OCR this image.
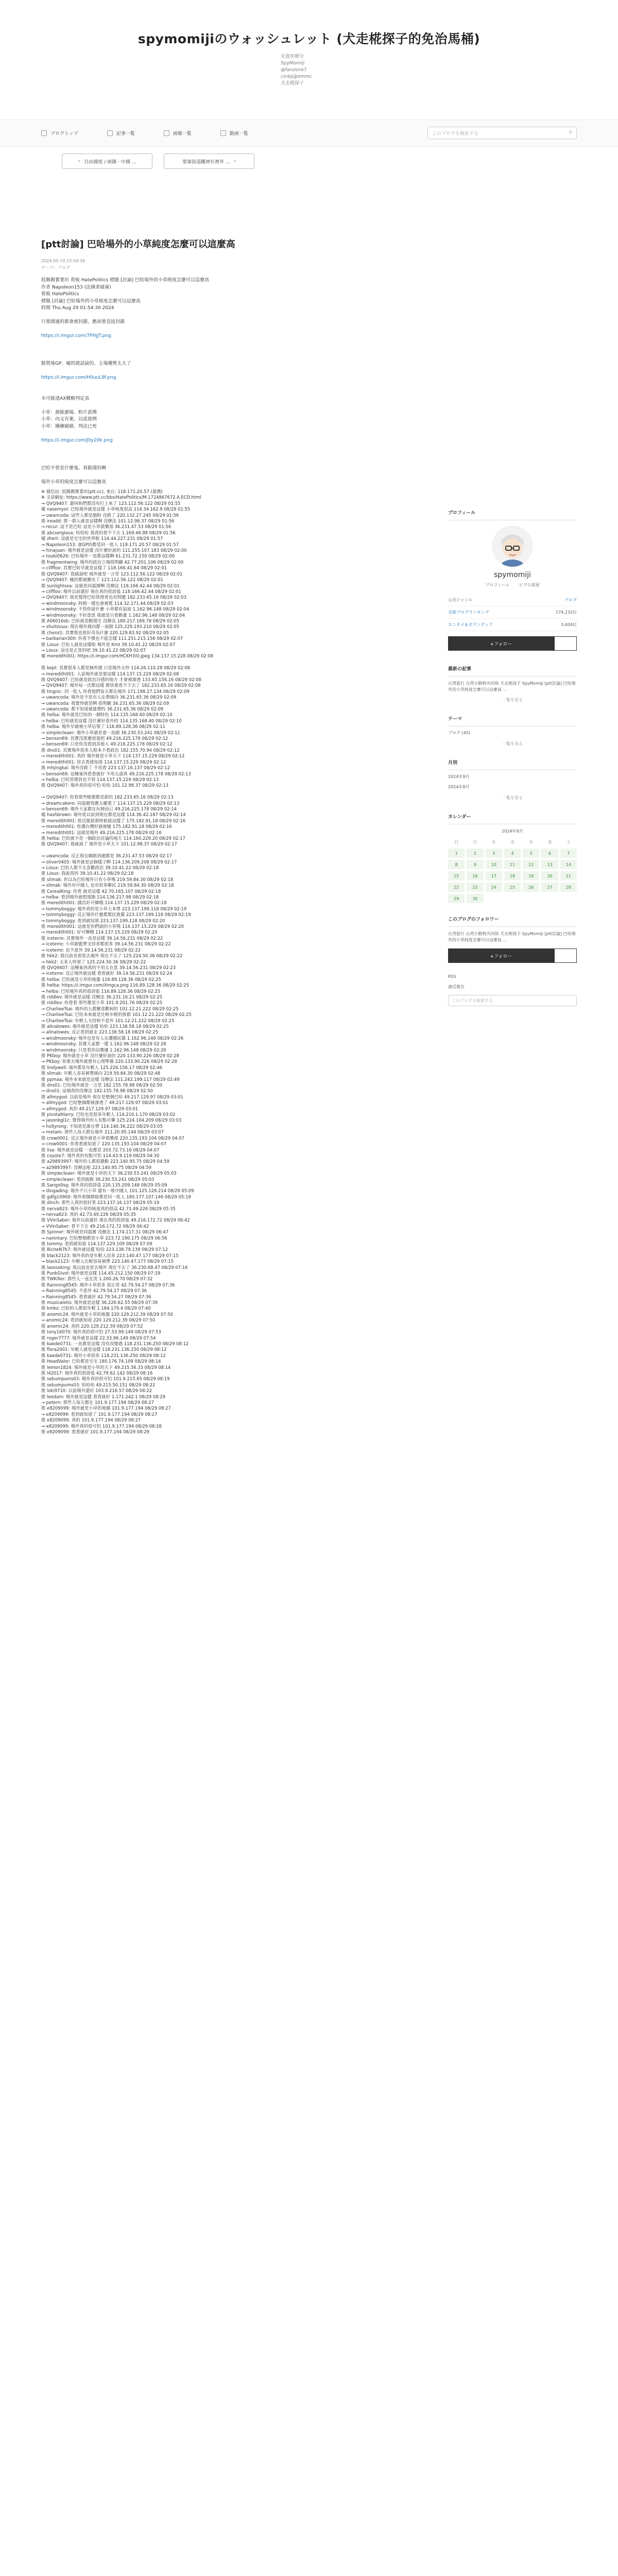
spymomijiのウォッシュレット (犬走椛探子的免治馬桶)
兄貴医療分
SpyMomiji
@fanzone7
cinéji@emmc
犬走椛探子
ブログトップ	記事一覧	画像一覧	動画一覧	このブログを検索する	⚲
‹ 自由國度 / 兩國一中國 ...	要塞街道鐵神社裡外 ... ›
[ptt討論] 巴哈場外的小草純度怎麼可以這麼高
2024-05-10 23:59:39
テーマ：ブログ
批踢踢實業坊 看板 HatePolitics 標題 [討論] 巴哈場外的小草純度怎麼可以這麼高
作者 Napoleon153 (法國拿破崙)
看板 HatePolitics
標題 [討論] 巴哈場外的小草純度怎麼可以這麼高
時間 Thu Aug 29 01:54:30 2024

只要開過的都會被封鎖，應該要直接封鎖

https://i.imgur.com/7PHjJT.png

點赞後GP、噓的就話說的。主場優勢太大了

https://i.imgur.com/H0uuL9f.png

木可匯達AX概略判定表

小草：源匯廣場、粉片派佛
小草：內文有案、以延彼例
小草：團練磁磁、判法已死

https://i.imgur.com/J0y20k.png

巴哈不曾是什麼鬼。看動漫的啊

場外小草的純度怎麼可以這麼高
※ 發信站: 批踢踢實業坊(ptt.cc), 來自: 118.171.20.57 (臺灣)
※ 文章網址: https://www.ptt.cc/bbs/HatePolitics/M.1724867672.A.ECD.html
→ QVQ9407: 誰叫妳們都沒有打上來了 123.112.56.122 08/29 01:55
噓 nasemyoi: 巴哈場外就是這樣 小草純度很高 114.34.162.9 08/29 01:55
→ uwancoda: 這些人都是腦粉 沒救了 220.132.27.245 08/29 01:56
推 ireadd: 那一群人就是這樣啊 沒辦法 101.12.98.37 08/29 01:56
→ recur: 這不是巴哈 這是小草俱樂部 36.231.47.53 08/29 01:56
推 abcsergioux: 哈哈哈 我真的看不下去 1.169.46.88 08/29 01:56
噓 zhert: 這就是宅宅的世界啦 114.44.227.231 08/29 01:57
→ Napoleon153: 會GP的都是同一批人 118.171.20.57 08/29 01:57
→ hinajuan: 場外就是這樣 沒什麼好說的 111.255.107.183 08/29 02:00
→ toubi0626: 巴哈場外一直都這樣啊 61.231.72.150 08/29 02:00
推 fragmentwing: 場外的政治立場很明顯 42.77.201.106 08/29 02:00
→ cliffloo: 其實巴哈早就是這樣了 118.166.41.64 08/29 02:01
推 QVQ9407: 我就說吧 場外就是一言堂 123.112.56.122 08/29 02:01
→ QVQ9407: 噓的都被刪光了 123.112.56.122 08/29 02:01
推 sunlightsea: 這就是同溫層啊 沒辦法 118.166.42.44 08/29 02:01
→ cliffloo: 場外以前還好 現在真的很誇張 118.166.42.44 08/29 02:01
→ QVQ9407: 我是覺得巴哈管理者也有問題 182.233.65.16 08/29 02:03
→ windmoonsky: 阿榕一樣也會被罵 114.32.171.44 08/29 02:03
→ windmoonsky: 不管你說什麼 小草都有話說 1.162.96.148 08/29 02:04
→ windmoonsky: 不好意思 我就是只看動畫 1.162.96.148 08/29 02:04
推 A06016sb: 巴哈就是動漫宅 沒辦法 180.217.169.78 08/29 02:05
→ shuitzuuu: 現在場外風向都一面倒 125.229.193.210 08/29 02:05
推 chenz1: 其實我也很好奇為什麼 220.129.83.92 08/29 02:05
→ barbarian300: 你看不慣也不能怎樣 111.251.215.156 08/29 02:07
推 Lioux: 巴哈人就是這樣啦 場外是 Kmt 39.10.41.22 08/29 02:07
→ Lioux: 這也是正常的吧 39.10.41.22 08/29 02:07
噓 meredith001: https://i.imgur.com/HCKH3iO.jpeg 134.137.15.228 08/29 02:08

推 kept: 其實很多人都是無所謂 只是場外太吵 114.26.110.28 08/29 02:08
→ meredith001: 人家場外就是要這樣 114.137.15.229 08/29 02:08
推 QVQ9407: 巴哈就是政治冷感的地方 才會被滲透 133.65.156.16 08/29 02:08
→ QVQ9407: 場外每一次都這樣 都快要看不下去了 182.233.65.16 08/29 02:08
推 tingnic: 同一批人 你看他們每天都在場外 171.198.27.134 08/29 02:09
→ uwancoda: 場外是不是有人在帶風向 36.231.65.36 08/29 02:09
→ uwancoda: 我覺得就是啊 很明顯 36.231.65.36 08/29 02:09
→ uwancoda: 都不知道被誰帶的 36.231.65.36 08/29 02:09
推 helba: 場外就是巴哈的一個特色 114.135.168.40 08/29 02:10
→ helba: 巴哈就是這樣 沒什麼好意外的 114.135.168.40 08/29 02:10
推 helba: 場外早就被小草佔領了 116.89.128.36 08/29 02:11
→ simplecleaer: 場外小草就是會一直刷 36.230.53.241 08/29 02:11
→ benson69: 其實沒那麼誇張吧 49.216.225.178 08/29 02:12
→ benson69: 只是你沒看到其他人 49.216.225.178 08/29 02:12
推 dns01: 其實場外很多人根本不看政治 182.155.70.94 08/29 02:12
→ meredith001: 真的 場外就是小草天下 114.137.15.229 08/29 02:12
→ meredith001: 你去看就知道 114.137.15.229 08/29 02:12
推 mhjingkai: 場外沒救了 不用看 223.137.16.137 08/29 02:12
→ benson69: 這種東西看看就好 不用太認真 49.216.225.178 08/29 02:13
→ helba: 巴哈管理員也不管 114.137.15.229 08/29 02:13
推 QVQ9407: 場外真的很可怕 哈哈 101.12.98.37 08/29 02:13

→ QVQ9407: 你看那些帳號都是新的 182.233.65.16 08/29 02:13
→ dreamcakero: 同溫層效應太嚴重了 114.137.15.229 08/29 02:13
→ benson69: 場外大家都在玩梗而已 49.216.225.178 08/29 02:14
噓 hashbrown: 場外從以前到現在都是這樣 114.36.42.187 08/29 02:14
推 meredith001: 從反服貿那時候就這樣了 175.182.91.18 08/29 02:16
→ meredith001: 你講台灣好就被噓 175.182.91.18 08/29 02:16
→ meredith001: 這就是場外 49.216.225.178 08/29 02:16
推 helba: 巴哈就不是一個政治討論的地方 114.160.229.20 08/29 02:17
推 QVQ9407: 我就說了 場外是小草天下 101.12.98.37 08/29 02:17

→ uwancoda: 反正現在網路到處都是 36.231.47.53 08/29 02:17
→ oliver0405: 場外就是這個樣子啊 114.136.209.208 08/29 02:17
→ Lioux: 巴哈人都不太喜歡政治 39.10.41.22 08/29 02:18
推 Lioux: 我說真的 39.10.41.22 08/29 02:18
推 slimak: 你以為巴哈場外只有小草嗎 219.59.84.30 08/29 02:18
→ slimak: 場外有中國人 也有很多鄉民 219.59.84.30 08/29 02:18
推 CerealKing: 你看 就是這樣 42.70.165.107 08/29 02:18
→ helba: 看到場外就想逃跑 114.136.217.98 08/29 02:18
推 meredith001: 國昌好可憐哦 114.137.15.229 08/29 02:18
→ tommyboggy: 場外真的是小草大本營 223.137.199.118 08/29 02:19
→ tommyboggy: 反正場外什麼都罵民進黨 223.137.199.118 08/29 02:19
→ tommyboggy: 看到就知道 223.137.199.118 08/29 02:20
推 meredith001: 這就是你們說的小草嗎 114.137.15.229 08/29 02:20
→ meredith001: 好可憐哦 114.137.15.229 08/29 02:20
推 iceterre: 其實場外一直是這樣 39.14.56.231 08/29 02:22
→ iceterre: 小草跟藍營支持者都很多 39.14.56.231 08/29 02:22
→ iceterre: 也不意外 39.14.56.231 08/29 02:22
推 hkk2: 我以前也很常去場外 現在不去了 125.224.50.36 08/29 02:22
→ hkk2: 太多人吵架了 125.224.50.36 08/29 02:22
推 QVQ9407: 這種東西真的不用太在意 39.14.56.231 08/29 02:23
→ iceterre: 反正場外就這樣 看看就好 39.14.56.231 08/29 02:24
推 helba: 巴哈就是小草的地盤 116.89.128.36 08/29 02:25
推 helba: https://i.imgur.com/Xmgca.png 116.89.128.36 08/29 02:25
→ helba: 巴哈場外真的很誇張 116.89.128.36 08/29 02:25
推 riddlev: 場外就是這樣 沒辦法 36.231.16.21 08/29 02:25
推 riddlev: 你看看 那些都是小草 101.9.201.76 08/29 02:25
→ CharlieeTsai: 場外的人都蠻喜歡柯的 101.12.21.222 08/29 02:25
→ CharlieeTsai: 巴哈本來就是比較年輕的族群 101.12.21.222 08/29 02:25
→ CharlieeTsai: 年輕人支持柯不意外 101.12.21.222 08/29 02:25
推 alinalowes: 場外就是這樣 哈哈 223.138.58.18 08/29 02:25
→ alinalowes: 反正看到就走 223.138.58.18 08/29 02:25
→ windmoonsky: 場外也是有人在護國民黨 1.162.96.148 08/29 02:26
→ windmoonsky: 其實大家都一樣 1.162.96.148 08/29 02:26
→ windmoonsky: 只是看你站哪邊 1.162.96.148 08/29 02:26
推 PKboy: 場外就是小草 沒什麼好說的 220.133.90.226 08/29 02:28
→ PKboy: 你要去場外就要有心理準備 220.133.90.226 08/29 02:28
推 lindywell: 場外都是年輕人 125.226.156.17 08/29 02:46
推 slimak: 年輕人容易被帶風向 219.59.84.30 08/29 02:48
推 ppmaa: 場外本來就是這樣 沒辦法 111.242.199.117 08/29 02:49
推 dns01: 巴哈場外就是一言堂 182.155.78.98 08/29 02:50
→ dns01: 這個真的沒辦法 182.155.78.98 08/29 02:50
推 allmygod: 以前是場外 現在是整個巴哈 49.217.129.97 08/29 03:01
→ allmygod: 巴哈整個都被滲透了 49.217.129.97 08/29 03:01
→ allmygod: 真的 49.217.129.97 08/29 03:01
推 pivotalHarry: 巴哈也是很多年輕人 114.210.1.170 08/29 03:02
→ jasonbgl1c: 覺得場外的人有點可憐 125.224.104.209 08/29 03:03
→ hollyrong: 不知道是誰在帶 114.140.36.222 08/29 03:05
→ metam: 那些人每天都在場外 211.20.95.144 08/29 03:07
推 crow0001: 反正場外就是小草俱樂部 220.135.193.104 08/29 04:07
→ crow0001: 你看看就知道了 220.135.193.104 08/29 04:07
推 lisa: 場外就是這樣 一直都是 203.72.73.16 08/29 04:07
推 coyote7: 場外真的有點可怕 114.43.9.119 08/29 04:30
推 a29893997: 場外的人都很激動 223.140.95.75 08/29 04:59
→ a29893997: 沒辦法啦 223.140.95.75 08/29 04:59
推 simplecleaer: 場外就是小草的天下 36.230.53.241 08/29 05:03
→ simplecleaer: 看到就跑 36.230.53.241 08/29 05:03
推 Sango0sg: 場外真的很誇張 220.135.209.148 08/29 05:09
→ dingading: 場外不只小草 還有一堆中國人 101.125.128.214 08/29 05:09
推 gdfg10900: 場外那個群組都是同一批人 180.177.107.146 08/29 05:19
推 dinch: 那些人真的很好笑 223.137.16.137 08/29 05:19
推 nerva823: 場外小草的純度真的很高 42.73.49.226 08/29 05:35
→ nerva823: 真的 42.73.49.226 08/29 05:35
推 VVinSaber: 場外以前還好 現在真的很誇張 49.216.172.72 08/29 06:42
→ VVinSaber: 看不下去 49.216.172.72 08/29 06:42
推 Spinner: 場外就是同溫層 沒辦法 1.174.117.31 08/29 06:47
→ nanintary: 巴哈整個都是小草 223.72.190.175 08/29 06:56
推 tommy: 看到就知道 114.137.229.109 08/29 07:09
推 BicheN7b7: 場外就這樣 哈哈 223.138.79.139 08/29 07:12
推 black2123: 場外真的是年輕人居多 223.140.47.177 08/29 07:15
→ black2123: 年輕人比較容易被帶 223.140.47.177 08/29 07:15
推 lasosoking: 我以前也常去場外 現在不去了 36.230.68.47 08/29 07:16
推 PunkGivol: 場外就是這樣 114.45.212.150 08/29 07:19
推 TWKiller: 那些人一直在洗 1.200.26.70 08/29 07:32
推 Rainning8545: 場外小草很多 很正常 42.79.54.27 08/29 07:36
→ Rainning8545: 不意外 42.79.54.27 08/29 07:36
→ Rainning8545: 看看就好 42.79.54.27 08/29 07:36
推 musicalelio: 場外就是這樣 36.226.62.55 08/29 07:39
推 kmkz: 巴哈的人都很年輕 1.164.179.4 08/29 07:40
推 anomic24: 場外就是小草的地盤 220.129.212.39 08/29 07:50
→ anomic24: 看到就知道 220.129.212.39 08/29 07:50
推 anomic24: 真的 220.129.212.39 08/29 07:52
推 tony16070: 場外真的很可怕 27.53.99.149 08/29 07:53
推 roger7777: 場外就是這樣 22.33.96.149 08/29 07:54
推 kaede0731: 一直都是這樣 沒有改變過 118.231.136.250 08/29 08:12
推 flora2001: 年輕人就是這樣 118.231.136.250 08/29 08:12
推 kaede0731: 場外小草很多 118.231.136.250 08/29 08:12
推 HeadValor: 巴哈都是宅宅 180.176.74.109 08/29 08:14
推 lemon1824: 場外就是小草的天下 49.215.56.33 08/29 08:14
推 l42017: 場外真的很誇張 42.79.62.142 08/29 08:16
推 sebumpums03: 場外真的很可怕 101.9.215.65 08/29 08:19
推 sebumpums03: 哈哈哈 49.215.50.151 08/29 08:22
推 loki9710: 以前場外還好 103.9.216.57 08/29 08:22
推 leedam: 場外就是這樣 看看就好 1.171.242.1 08/29 08:29
→ petern: 那些人每天都在 101.9.177.194 08/29 08:27
推 e8209099: 場外就是小草的地盤 101.9.177.194 08/29 08:27
→ e8209099: 看到就知道了 101.9.177.194 08/29 08:27
推 e8209099: 真的 101.9.177.194 08/29 08:27
→ e8209099: 場外真的很可怕 101.9.177.194 08/29 08:28
推 e8209099: 看看就好 101.9.177.194 08/29 08:29
プロフィール
spymomiji
プロフィール ピグの部屋
公式ジャンル	ブログ
全体ブログランキング	174,232位
エンタメ＆ボランティア	3,404位
+フォロー

最新の記事
台湾旅行 台湾小動物共同体 犬走椛探子 SpyMomiji [ptt討論] 巴哈場外的小草純度怎麼可以這麼高 ...
一覧を見る
テーマ
ブログ (45)
一覧を見る
月別
2024年9月
2024年8月
一覧を見る
カレンダー
2024年9月
日	月	火	水	木	金	土
1	2	3	4	5	6	7
8	9	10	11	12	13	14
15	16	17	18	19	20	21
22	23	24	25	26	27	28
29	30
このブログのフォロワー
台湾旅行 台湾小動物共同体 犬走椛探子 SpyMomiji [ptt討論] 巴哈場外的小草純度怎麼可以這麼高 ...
+フォロー

RSS
違反報告
このブログを検索する
